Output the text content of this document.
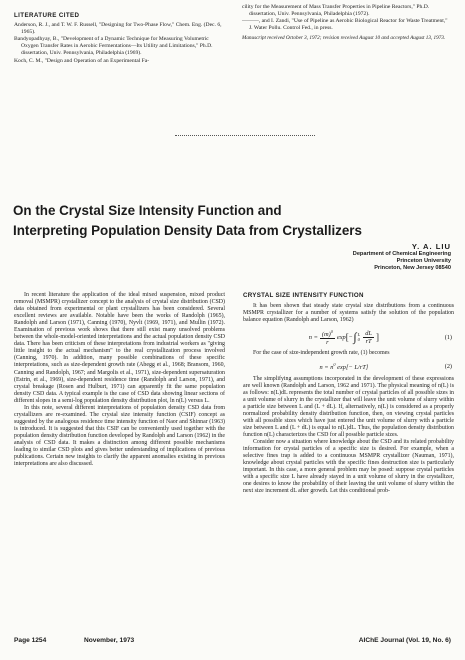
LITERATURE CITED

Anderson, R. J., and T. W. F. Russell, "Designing for Two-Phase Flow," Chem. Eng. (Dec. 6, 1965).

Bandyopadhyay, B., "Development of a Dynamic Technique for Measuring Volumetric Oxygen Transfer Rates in Aerobic Fermentations—Its Utility and Limitations," Ph.D. dissertation, Univ. Pennsylvania, Philadelphia (1969).

Koch, C. M., "Design and Operation of an Experimental Fa-

cility for the Measurement of Mass Transfer Properties in Pipeline Reactors," Ph.D. dissertation, Univ. Pennsylvania, Philadelphia (1972).

———, and I. Zandi, "Use of Pipeline as Aerobic Biological Reactor for Waste Treatment," J. Water Pollu. Control Fed., in press.

Manuscript received October 3, 1972; revision received August 10 and accepted August 13, 1973.
On the Crystal Size Intensity Function and
Interpreting Population Density Data from Crystallizers
Y. A. LIU
Department of Chemical Engineering
Princeton University
Princeton, New Jersey 08540

In recent literature the application of the ideal mixed suspension, mixed product removal (MSMPR) crystallizer concept to the analysis of crystal size distribution (CSD) data obtained from experimental or plant crystallizers has been considered. Several excellent reviews are available. Notable have been the works of Randolph (1965), Randolph and Larson (1971), Canning (1970), Nyvlt (1969, 1971), and Mullin (1972). Examination of previous work shows that there still exist many unsolved problems between the whole-model-oriented interpretations and the actual population density CSD data. There has been criticism of these interpretations from industrial workers as "giving little insight to the actual mechanism" to the real crystallization process involved (Canning, 1970). In addition, many possible combinations of these specific interpretations, such as size-dependent growth rate (Abegg et al., 1968; Bransom, 1960, Canning and Randolph, 1967; and Margolis et al., 1971), size-dependent supersaturation (Estrin, et al., 1969), size-dependent residence time (Randolph and Larson, 1971), and crystal breakage (Rosen and Hulburt, 1971) can apparently fit the same population density CSD data. A typical example is the case of CSD data showing linear sections of different slopes in a semi-log population density distribution plot, ln n(L) versus L.

In this note, several different interpretations of population density CSD data from crystallizers are re-examined. The crystal size intensity function (CSIF) concept as suggested by the analogous residence time intensity function of Naor and Shinnar (1963) is introduced. It is suggested that this CSIF can be conveniently used together with the population density distribution function developed by Randolph and Larson (1962) in the analysis of CSD data. It makes a distinction among different possible mechanisms leading to similar CSD plots and gives better understanding of implications of previous publications. Certain new insights to clarify the apparent anomalies existing in previous interpretations are also discussed.

CRYSTAL SIZE INTENSITY FUNCTION

It has been shown that steady state crystal size distributions from a continuous MSMPR crystallizer for a number of systems satisfy the solution of the population balance equation (Randolph and Larson, 1962)

$n = \frac{(m)^0}{r}$ exp [ − ∫ L
$0 \frac{dL}{rT}$ ]	(1)

For the case of size-independent growth rate, (1) becomes

$n = n^0$ exp[− L/rT]	(2)

The simplifying assumptions incorporated in the development of these expressions are well known (Randolph and Larson, 1962 and 1971). The physical meaning of n(L) is as follows: n(L)dL represents the total number of crystal particles of all possible sizes in a unit volume of slurry in the crystallizer that will leave the unit volume of slurry within a particle size between L and (L + dL). If, alternatively, n(L) is considered as a properly normalized probability density distribution function, then, on viewing crystal particles with all possible sizes which have just entered the unit volume of slurry with a particle size between L and (L + dL) is equal to n(L)dL. Thus, the population density distribution function n(L) characterizes the CSD for all possible particle sizes.

Consider now a situation where knowledge about the CSD and its related probability information for crystal particles of a specific size is desired. For example, when a selective fines trap is added to a continuous MSMPR crystallizer (Nauman, 1971), knowledge about crystal particles with the specific fines destruction size is particularly important. In this case, a more general problem may be posed: suppose crystal particles with a specific size L have already stayed in a unit volume of slurry in the crystallizer, one desires to know the probability of their leaving the unit volume of slurry within the next size increment dL after growth. Let this conditional prob-

Page 1254	November, 1973	AIChE Journal (Vol. 19, No. 6)
